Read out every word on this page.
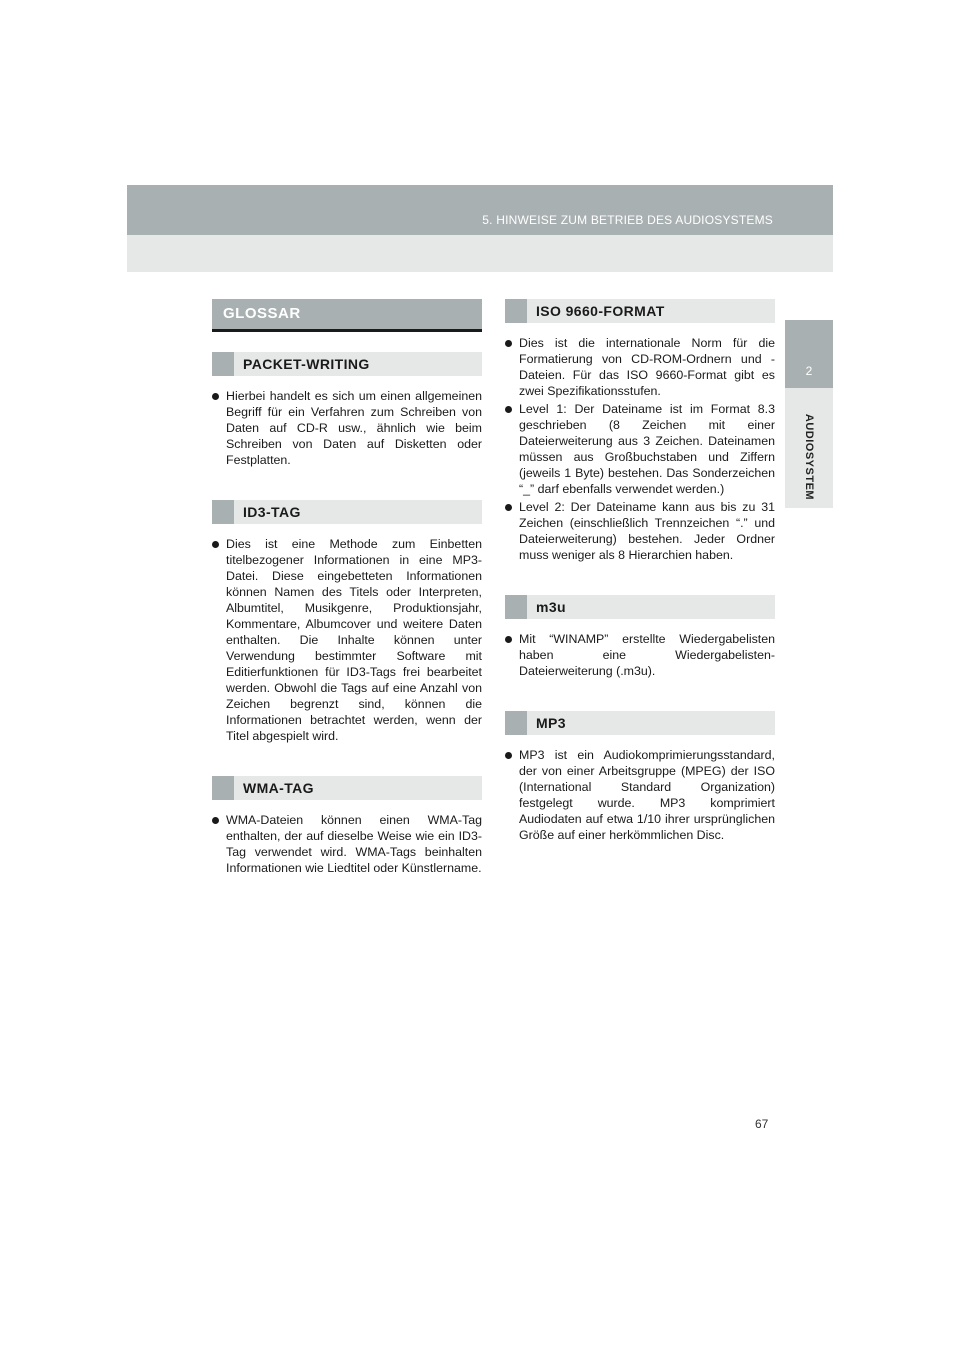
5. HINWEISE ZUM BETRIEB DES AUDIOSYSTEMS
2
AUDIOSYSTEM
GLOSSAR
PACKET-WRITING
Hierbei handelt es sich um einen allgemeinen Begriff für ein Verfahren zum Schreiben von Daten auf CD-R usw., ähnlich wie beim Schreiben von Daten auf Disketten oder Festplatten.
ID3-TAG
Dies ist eine Methode zum Einbetten titelbezogener Informationen in eine MP3-Datei. Diese eingebetteten Informationen können Namen des Titels oder Interpreten, Albumtitel, Musikgenre, Produktionsjahr, Kommentare, Albumcover und weitere Daten enthalten. Die Inhalte können unter Verwendung bestimmter Software mit Editierfunktionen für ID3-Tags frei bearbeitet werden. Obwohl die Tags auf eine Anzahl von Zeichen begrenzt sind, können die Informationen betrachtet werden, wenn der Titel abgespielt wird.
WMA-TAG
WMA-Dateien können einen WMA-Tag enthalten, der auf dieselbe Weise wie ein ID3-Tag verwendet wird. WMA-Tags beinhalten Informationen wie Liedtitel oder Künstlername.
ISO 9660-FORMAT
Dies ist die internationale Norm für die Formatierung von CD-ROM-Ordnern und -Dateien. Für das ISO 9660-Format gibt es zwei Spezifikationsstufen.
Level 1: Der Dateiname ist im Format 8.3 geschrieben (8 Zeichen mit einer Dateierweiterung aus 3 Zeichen. Dateinamen müssen aus Großbuchstaben und Ziffern (jeweils 1 Byte) bestehen. Das Sonderzeichen “_” darf ebenfalls verwendet werden.)
Level 2: Der Dateiname kann aus bis zu 31 Zeichen (einschließlich Trennzeichen “.” und Dateierweiterung) bestehen. Jeder Ordner muss weniger als 8 Hierarchien haben.
m3u
Mit “WINAMP” erstellte Wiedergabelisten haben eine Wiedergabelisten-Dateierweiterung (.m3u).
MP3
MP3 ist ein Audiokomprimierungsstandard, der von einer Arbeitsgruppe (MPEG) der ISO (International Standard Organization) festgelegt wurde. MP3 komprimiert Audiodaten auf etwa 1/10 ihrer ursprünglichen Größe auf einer herkömmlichen Disc.
67
